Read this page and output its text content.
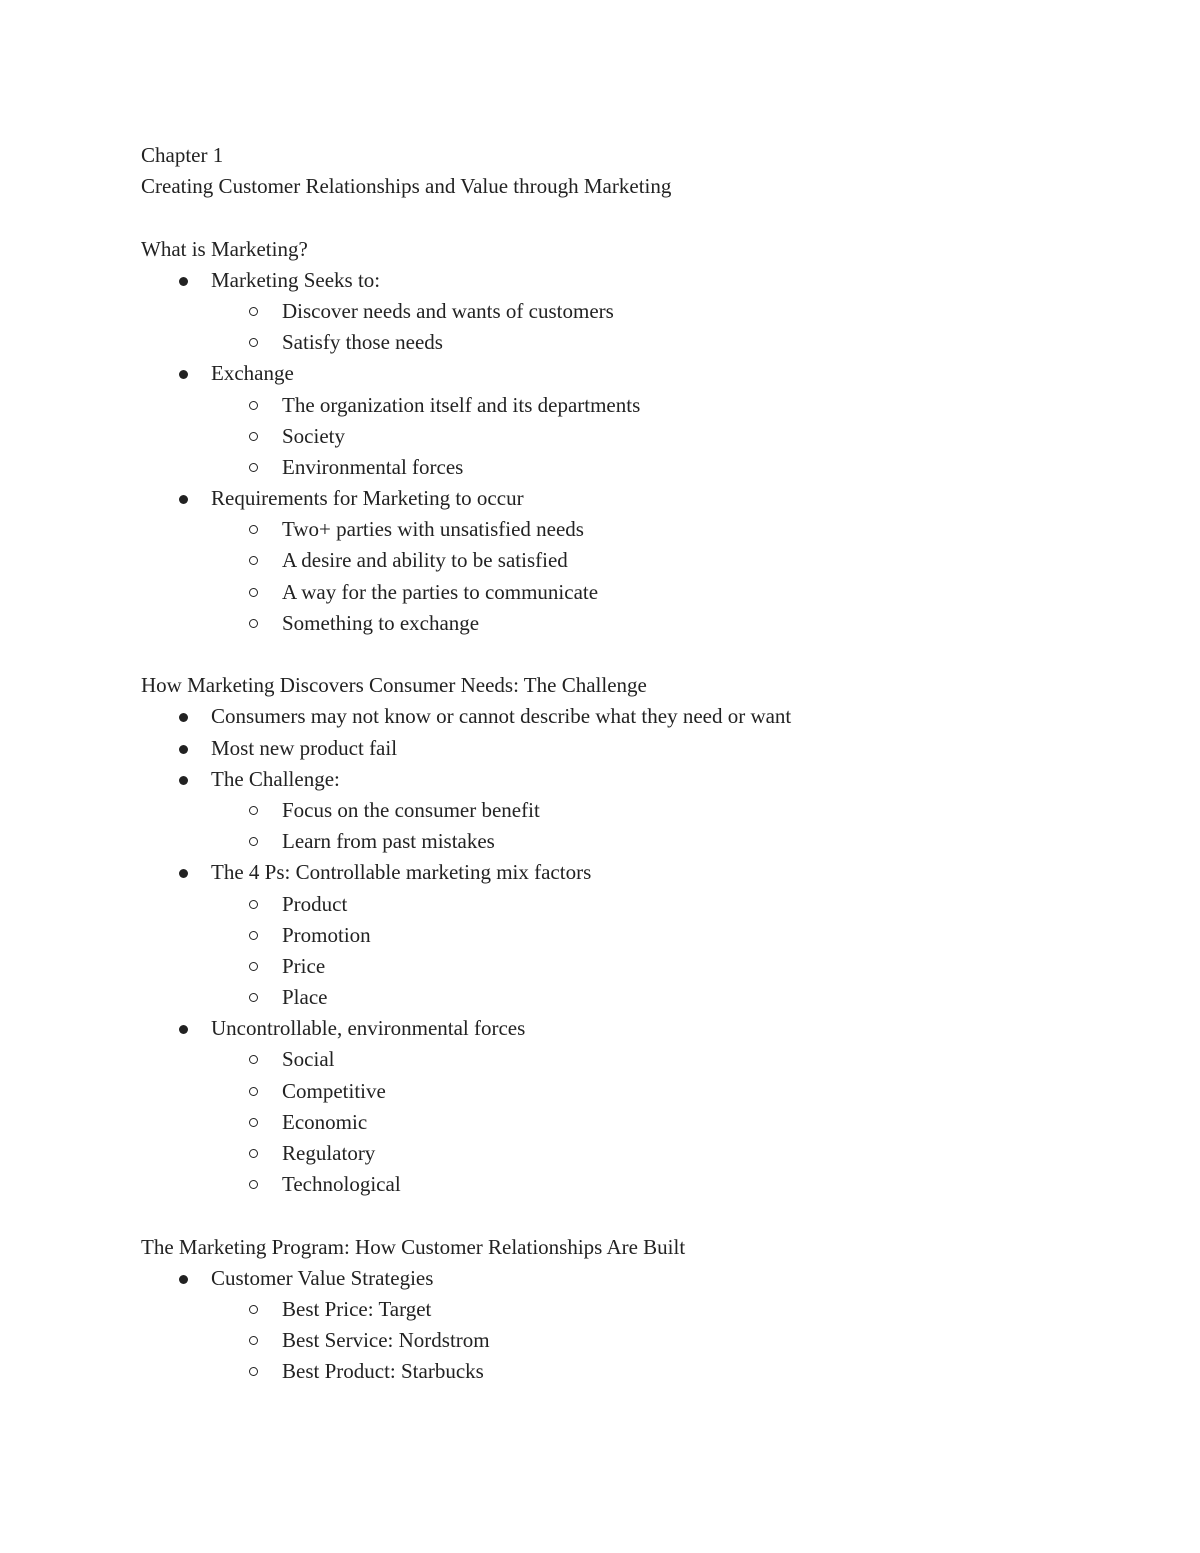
Chapter 1
Creating Customer Relationships and Value through Marketing
What is Marketing?
Marketing Seeks to:
Discover needs and wants of customers
Satisfy those needs
Exchange
The organization itself and its departments
Society
Environmental forces
Requirements for Marketing to occur
Two+ parties with unsatisfied needs
A desire and ability to be satisfied
A way for the parties to communicate
Something to exchange
How Marketing Discovers Consumer Needs: The Challenge
Consumers may not know or cannot describe what they need or want
Most new product fail
The Challenge:
Focus on the consumer benefit
Learn from past mistakes
The 4 Ps: Controllable marketing mix factors
Product
Promotion
Price
Place
Uncontrollable, environmental forces
Social
Competitive
Economic
Regulatory
Technological
The Marketing Program: How Customer Relationships Are Built
Customer Value Strategies
Best Price: Target
Best Service: Nordstrom
Best Product: Starbucks
